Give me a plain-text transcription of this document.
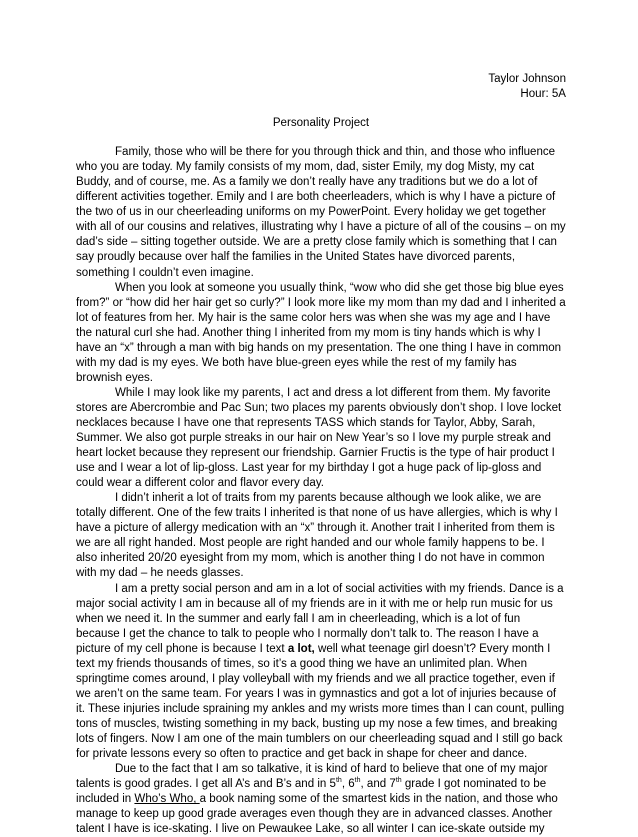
Taylor Johnson
Hour: 5A
Personality Project

Family, those who will be there for you through thick and thin, and those who influence who you are today. My family consists of my mom, dad, sister Emily, my dog Misty, my cat Buddy, and of course, me. As a family we don’t really have any traditions but we do a lot of different activities together. Emily and I are both cheerleaders, which is why I have a picture of the two of us in our cheerleading uniforms on my PowerPoint. Every holiday we get together with all of our cousins and relatives, illustrating why I have a picture of all of the cousins – on my dad’s side – sitting together outside. We are a pretty close family which is something that I can say proudly because over half the families in the United States have divorced parents, something I couldn’t even imagine.

When you look at someone you usually think, “wow who did she get those big blue eyes from?” or “how did her hair get so curly?” I look more like my mom than my dad and I inherited a lot of features from her. My hair is the same color hers was when she was my age and I have the natural curl she had. Another thing I inherited from my mom is tiny hands which is why I have an “x” through a man with big hands on my presentation. The one thing I have in common with my dad is my eyes. We both have blue-green eyes while the rest of my family has brownish eyes.

While I may look like my parents, I act and dress a lot different from them. My favorite stores are Abercrombie and Pac Sun; two places my parents obviously don’t shop. I love locket necklaces because I have one that represents TASS which stands for Taylor, Abby, Sarah, Summer. We also got purple streaks in our hair on New Year’s so I love my purple streak and heart locket because they represent our friendship. Garnier Fructis is the type of hair product I use and I wear a lot of lip-gloss. Last year for my birthday I got a huge pack of lip-gloss and could wear a different color and flavor every day.

I didn’t inherit a lot of traits from my parents because although we look alike, we are totally different. One of the few traits I inherited is that none of us have allergies, which is why I have a picture of allergy medication with an “x” through it. Another trait I inherited from them is we are all right handed. Most people are right handed and our whole family happens to be. I also inherited 20/20 eyesight from my mom, which is another thing I do not have in common with my dad – he needs glasses.

I am a pretty social person and am in a lot of social activities with my friends. Dance is a major social activity I am in because all of my friends are in it with me or help run music for us when we need it. In the summer and early fall I am in cheerleading, which is a lot of fun because I get the chance to talk to people who I normally don’t talk to. The reason I have a picture of my cell phone is because I text a lot, well what teenage girl doesn’t? Every month I text my friends thousands of times, so it’s a good thing we have an unlimited plan. When springtime comes around, I play volleyball with my friends and we all practice together, even if we aren’t on the same team. For years I was in gymnastics and got a lot of injuries because of it. These injuries include spraining my ankles and my wrists more times than I can count, pulling tons of muscles, twisting something in my back, busting up my nose a few times, and breaking lots of fingers. Now I am one of the main tumblers on our cheerleading squad and I still go back for private lessons every so often to practice and get back in shape for cheer and dance.

Due to the fact that I am so talkative, it is kind of hard to believe that one of my major talents is good grades. I get all A’s and B’s and in 5th, 6th, and 7th grade I got nominated to be included in Who’s Who, a book naming some of the smartest kids in the nation, and those who manage to keep up good grade averages even though they are in advanced classes. Another talent I have is ice-skating. I live on Pewaukee Lake, so all winter I can ice-skate outside my
